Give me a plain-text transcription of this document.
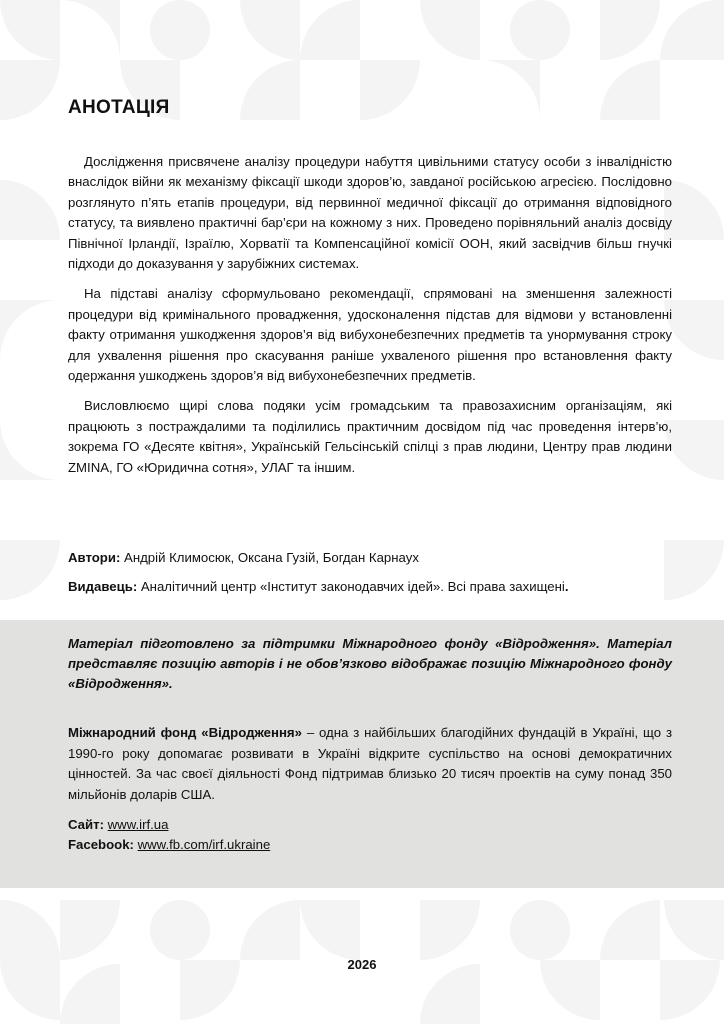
АНОТАЦІЯ

Дослідження присвячене аналізу процедури набуття цивільними статусу особи з інвалідністю внаслідок війни як механізму фіксації шкоди здоров’ю, завданої російською агресією. Послідовно розглянуто п’ять етапів процедури, від первинної медичної фіксації до отримання відповідного статусу, та виявлено практичні бар’єри на кожному з них. Проведено порівняльний аналіз досвіду Північної Ірландії, Ізраїлю, Хорватії та Компенсаційної комісії ООН, який засвідчив більш гнучкі підходи до доказування у зарубіжних системах.

На підставі аналізу сформульовано рекомендації, спрямовані на зменшення залежності процедури від кримінального провадження, удосконалення підстав для відмови у встановленні факту отримання ушкодження здоров’я від вибухонебезпечних предметів та унормування строку для ухвалення рішення про скасування раніше ухваленого рішення про встановлення факту одержання ушкоджень здоров’я від вибухонебезпечних предметів.

Висловлюємо щирі слова подяки усім громадським та правозахисним організаціям, які працюють з постраждалими та поділились практичним досвідом під час проведення інтерв’ю, зокрема ГО «Десяте квітня», Українській Гельсінській спілці з прав людини, Центру прав людини ZMINA, ГО «Юридична сотня», УЛАГ та іншим.

Автори: Андрій Климосюк, Оксана Гузій, Богдан Карнаух

Видавець: Аналітичний центр «Інститут законодавчих ідей». Всі права захищені.

Матеріал підготовлено за підтримки Міжнародного фонду «Відродження». Матеріал представляє позицію авторів і не обов’язково відображає позицію Міжнародного фонду «Відродження».

Міжнародний фонд «Відродження» – одна з найбільших благодійних фундацій в Україні, що з 1990-го року допомагає розвивати в Україні відкрите суспільство на основі демократичних цінностей. За час своєї діяльності Фонд підтримав близько 20 тисяч проектів на суму понад 350 мільйонів доларів США.

Сайт: www.irf.ua
Facebook: www.fb.com/irf.ukraine
2026
